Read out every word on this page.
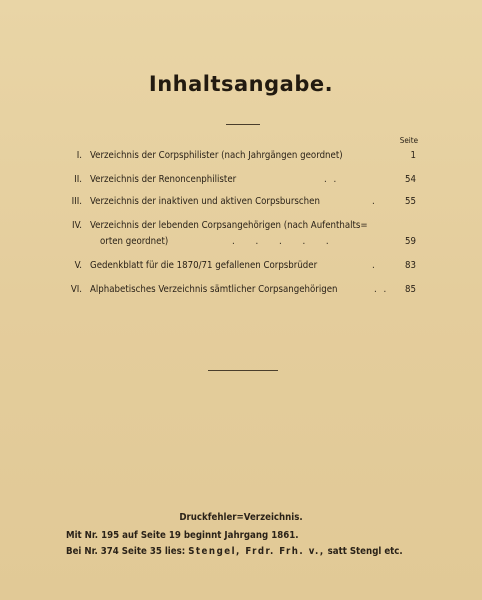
Inhaltsangabe.
Seite
I. Verzeichnis der Corpsphilister (nach Jahrgängen geordnet)	1
II. Verzeichnis der Renoncenphilister	. .	54
III. Verzeichnis der inaktiven und aktiven Corpsburschen	.	55
IV. Verzeichnis der lebenden Corpsangehörigen (nach Aufenthalts=
orten geordnet)	. . . . .	59
V. Gedenkblatt für die 1870/71 gefallenen Corpsbrüder	.	83
VI. Alphabetisches Verzeichnis sämtlicher Corpsangehörigen	. . 85
Druckfehler=Verzeichnis.
Mit Nr. 195 auf Seite 19 beginnt Jahrgang 1861.
Bei Nr. 374 Seite 35 lies: Stengel, Frdr. Frh. v., satt Stengl etc.
